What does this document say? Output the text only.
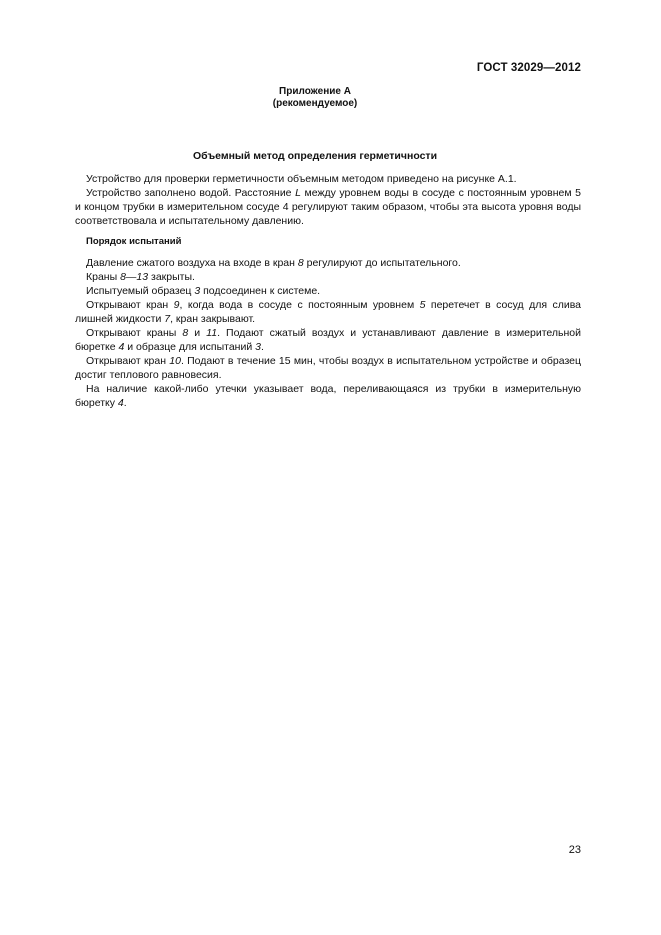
ГОСТ 32029—2012
Приложение А
(рекомендуемое)
Объемный метод определения герметичности

Устройство для проверки герметичности объемным методом приведено на рисунке А.1.

Устройство заполнено водой. Расстояние L между уровнем воды в сосуде с постоянным уровнем 5 и концом трубки в измерительном сосуде 4 регулируют таким образом, чтобы эта высота уровня воды соответствовала и испытательному давлению.

Порядок испытаний

Давление сжатого воздуха на входе в кран 8 регулируют до испытательного.

Краны 8—13 закрыты.

Испытуемый образец 3 подсоединен к системе.

Открывают кран 9, когда вода в сосуде с постоянным уровнем 5 перетечет в сосуд для слива лишней жидкости 7, кран закрывают.

Открывают краны 8 и 11. Подают сжатый воздух и устанавливают давление в измерительной бюретке 4 и образце для испытаний 3.

Открывают кран 10. Подают в течение 15 мин, чтобы воздух в испытательном устройстве и образец достиг теплового равновесия.

На наличие какой-либо утечки указывает вода, переливающаяся из трубки в измерительную бюретку 4.

23
